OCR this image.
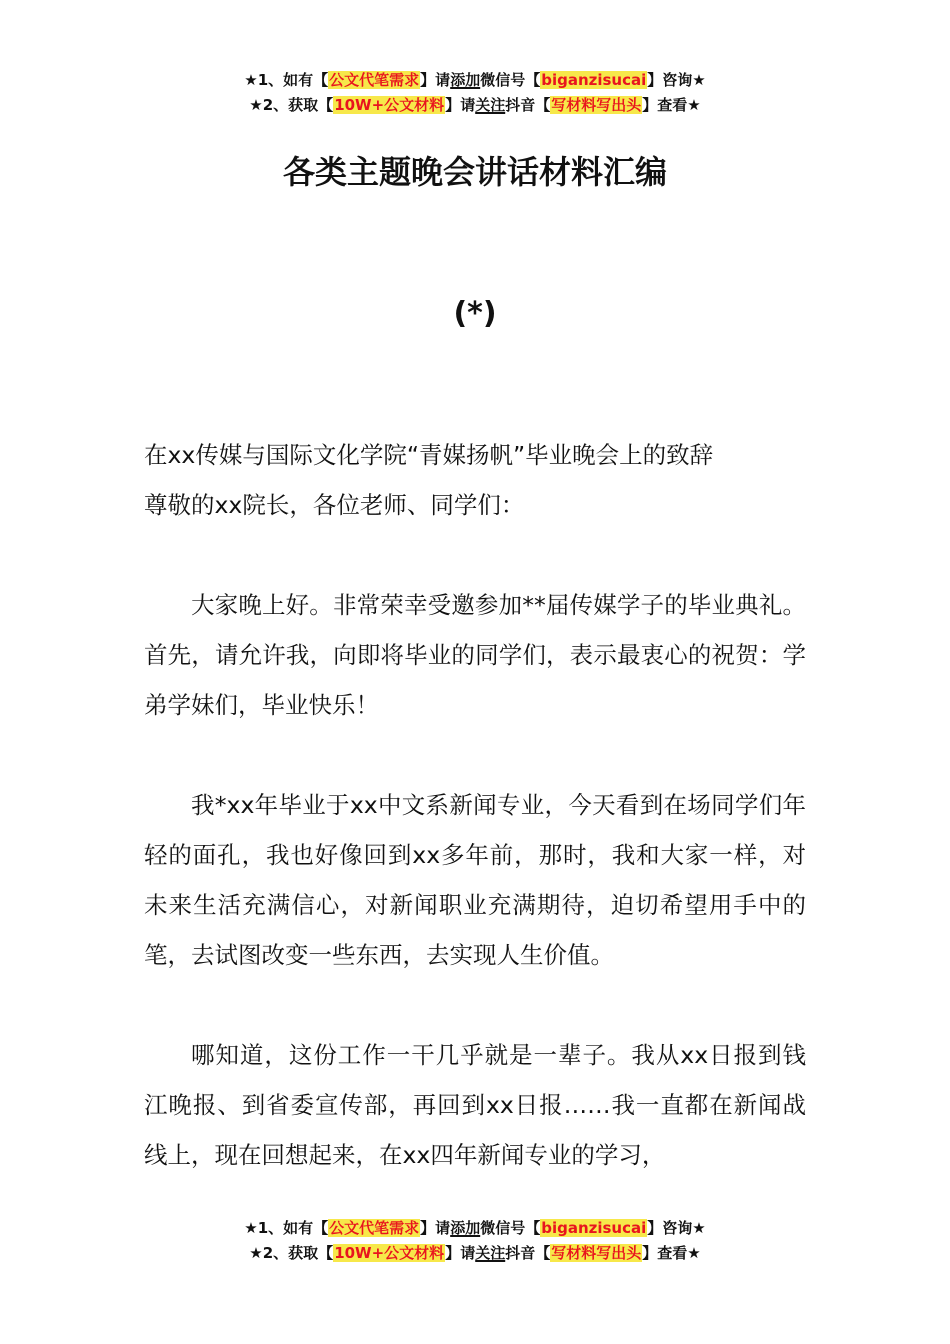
★1、如有【公文代笔需求】请添加微信号【biganzisucai】咨询★
★2、获取【10W+公文材料】请关注抖音【写材料写出头】查看★
各类主题晚会讲话材料汇编
(*)

在xx传媒与国际文化学院“青媒扬帆”毕业晚会上的致辞

尊敬的xx院长，各位老师、同学们：

大家晚上好。非常荣幸受邀参加**届传媒学子的毕业典礼。首先，请允许我，向即将毕业的同学们，表示最衷心的祝贺：学弟学妹们，毕业快乐！

我*xx年毕业于xx中文系新闻专业，今天看到在场同学们年轻的面孔，我也好像回到xx多年前，那时，我和大家一样，对未来生活充满信心，对新闻职业充满期待，迫切希望用手中的笔，去试图改变一些东西，去实现人生价值。

哪知道，这份工作一干几乎就是一辈子。我从xx日报到钱江晚报、到省委宣传部，再回到xx日报……我一直都在新闻战线上，现在回想起来，在xx四年新闻专业的学习，

★1、如有【公文代笔需求】请添加微信号【biganzisucai】咨询★
★2、获取【10W+公文材料】请关注抖音【写材料写出头】查看★
